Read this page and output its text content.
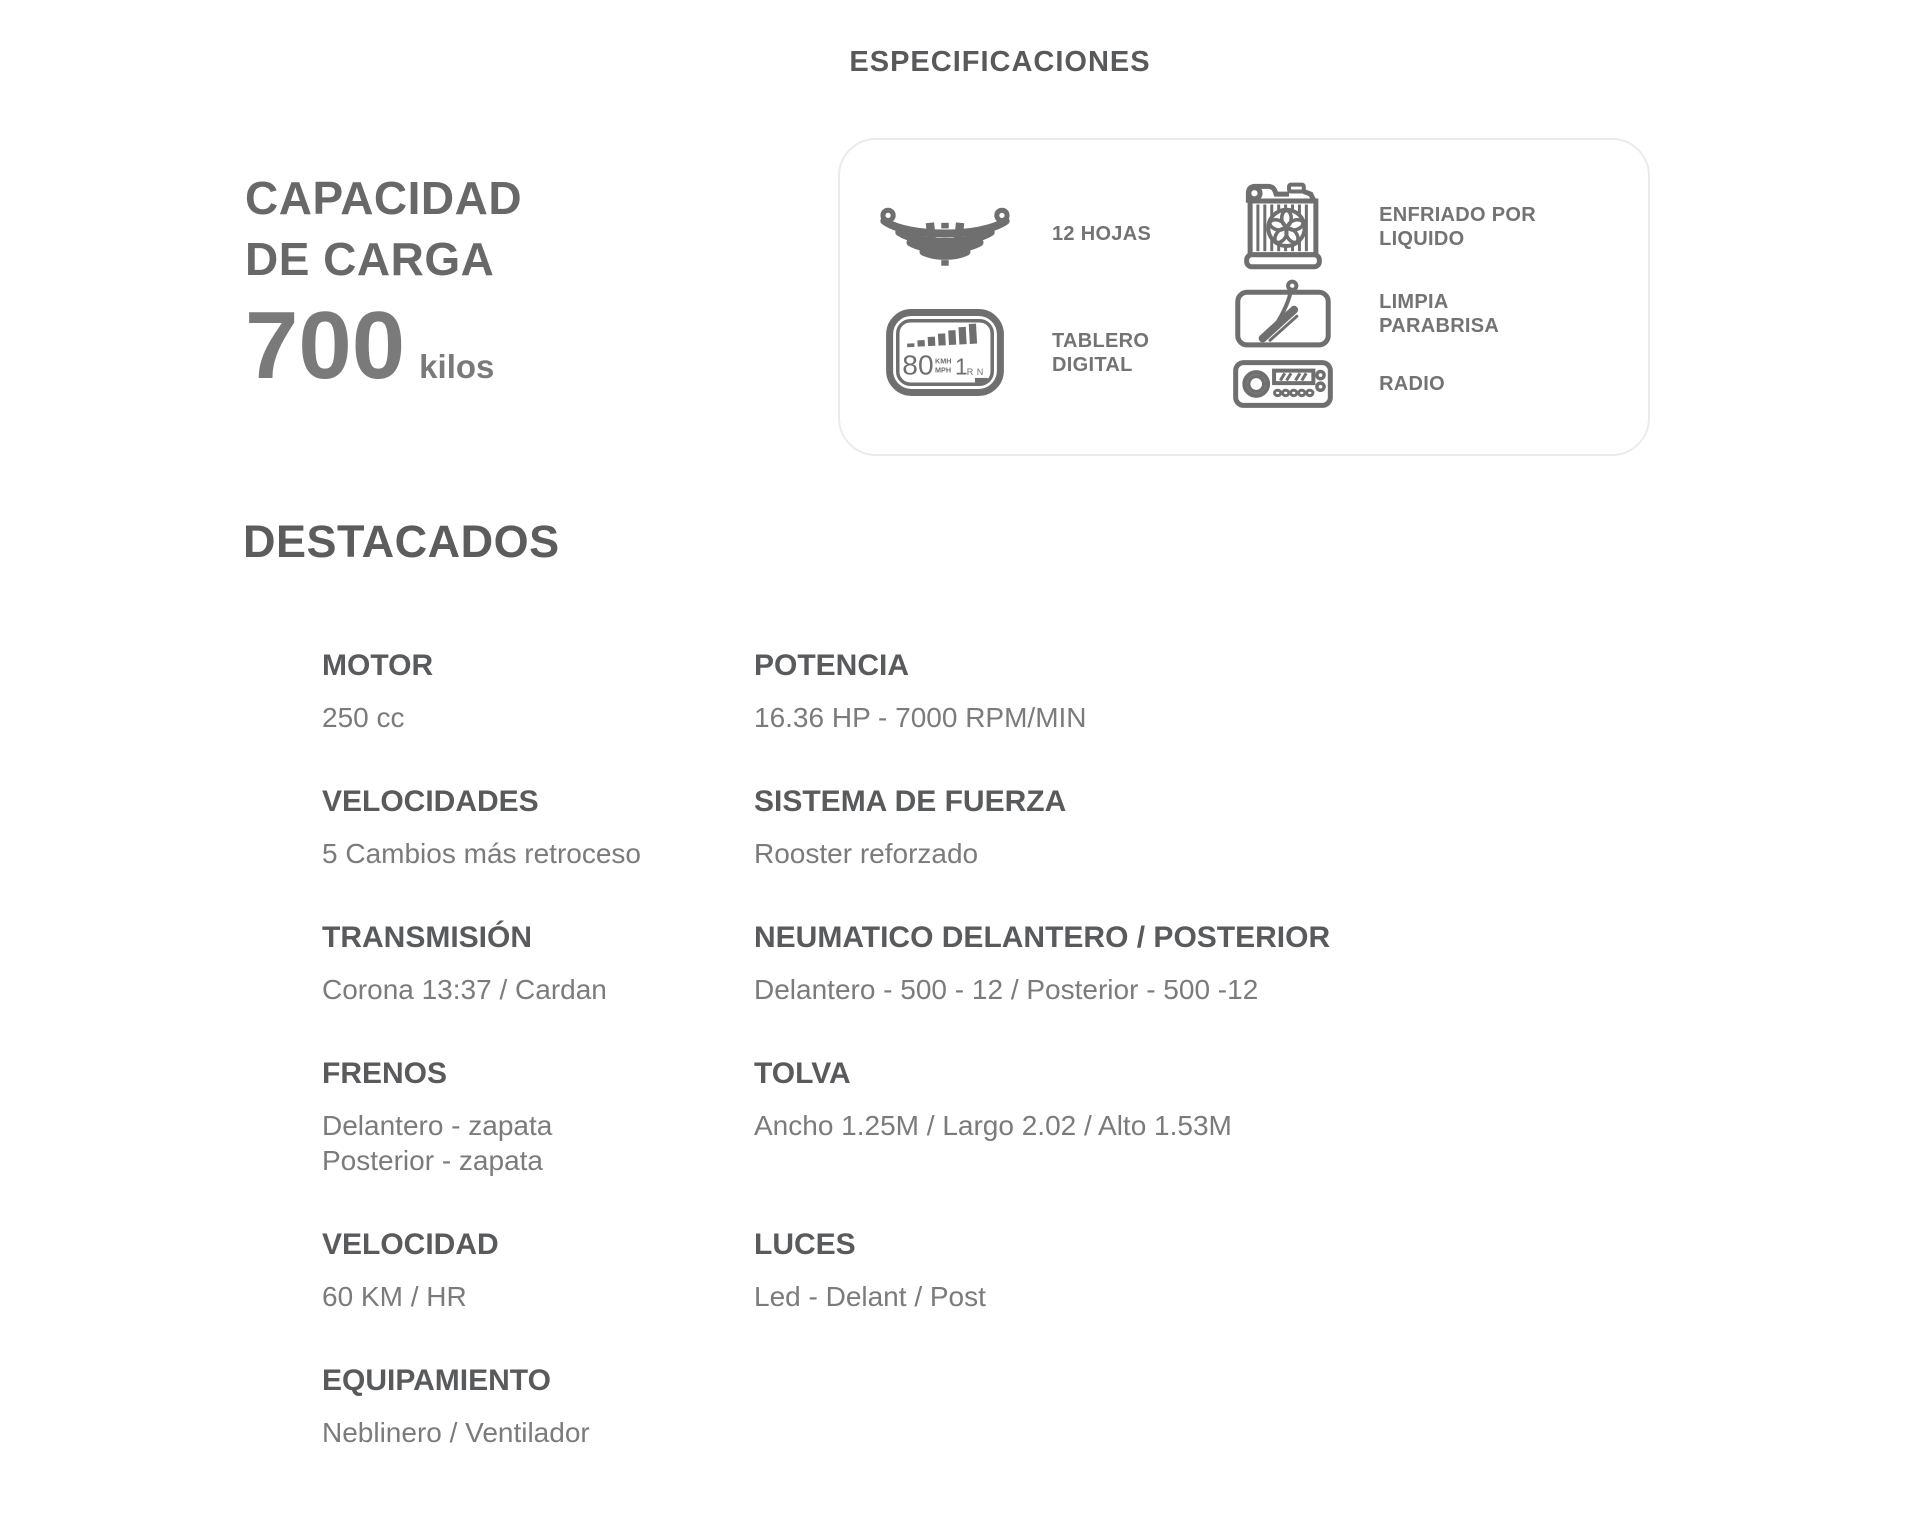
ESPECIFICACIONES
CAPACIDAD
DE CARGA
700 kilos
12 HOJAS
80 KMH
MPH 1 R N
TABLERO DIGITAL
ENFRIADO POR LIQUIDO
LIMPIA PARABRISA
RADIO
DESTACADOS
MOTOR
250 cc
POTENCIA
16.36 HP - 7000 RPM/MIN
VELOCIDADES
5 Cambios más retroceso
SISTEMA DE FUERZA
Rooster reforzado
TRANSMISIÓN
Corona 13:37 / Cardan
NEUMATICO DELANTERO / POSTERIOR
Delantero - 500 - 12 / Posterior - 500 -12
FRENOS
Delantero - zapata
Posterior - zapata
TOLVA
Ancho 1.25M / Largo 2.02 / Alto 1.53M
VELOCIDAD
60 KM / HR
LUCES
Led - Delant / Post
EQUIPAMIENTO
Neblinero / Ventilador
